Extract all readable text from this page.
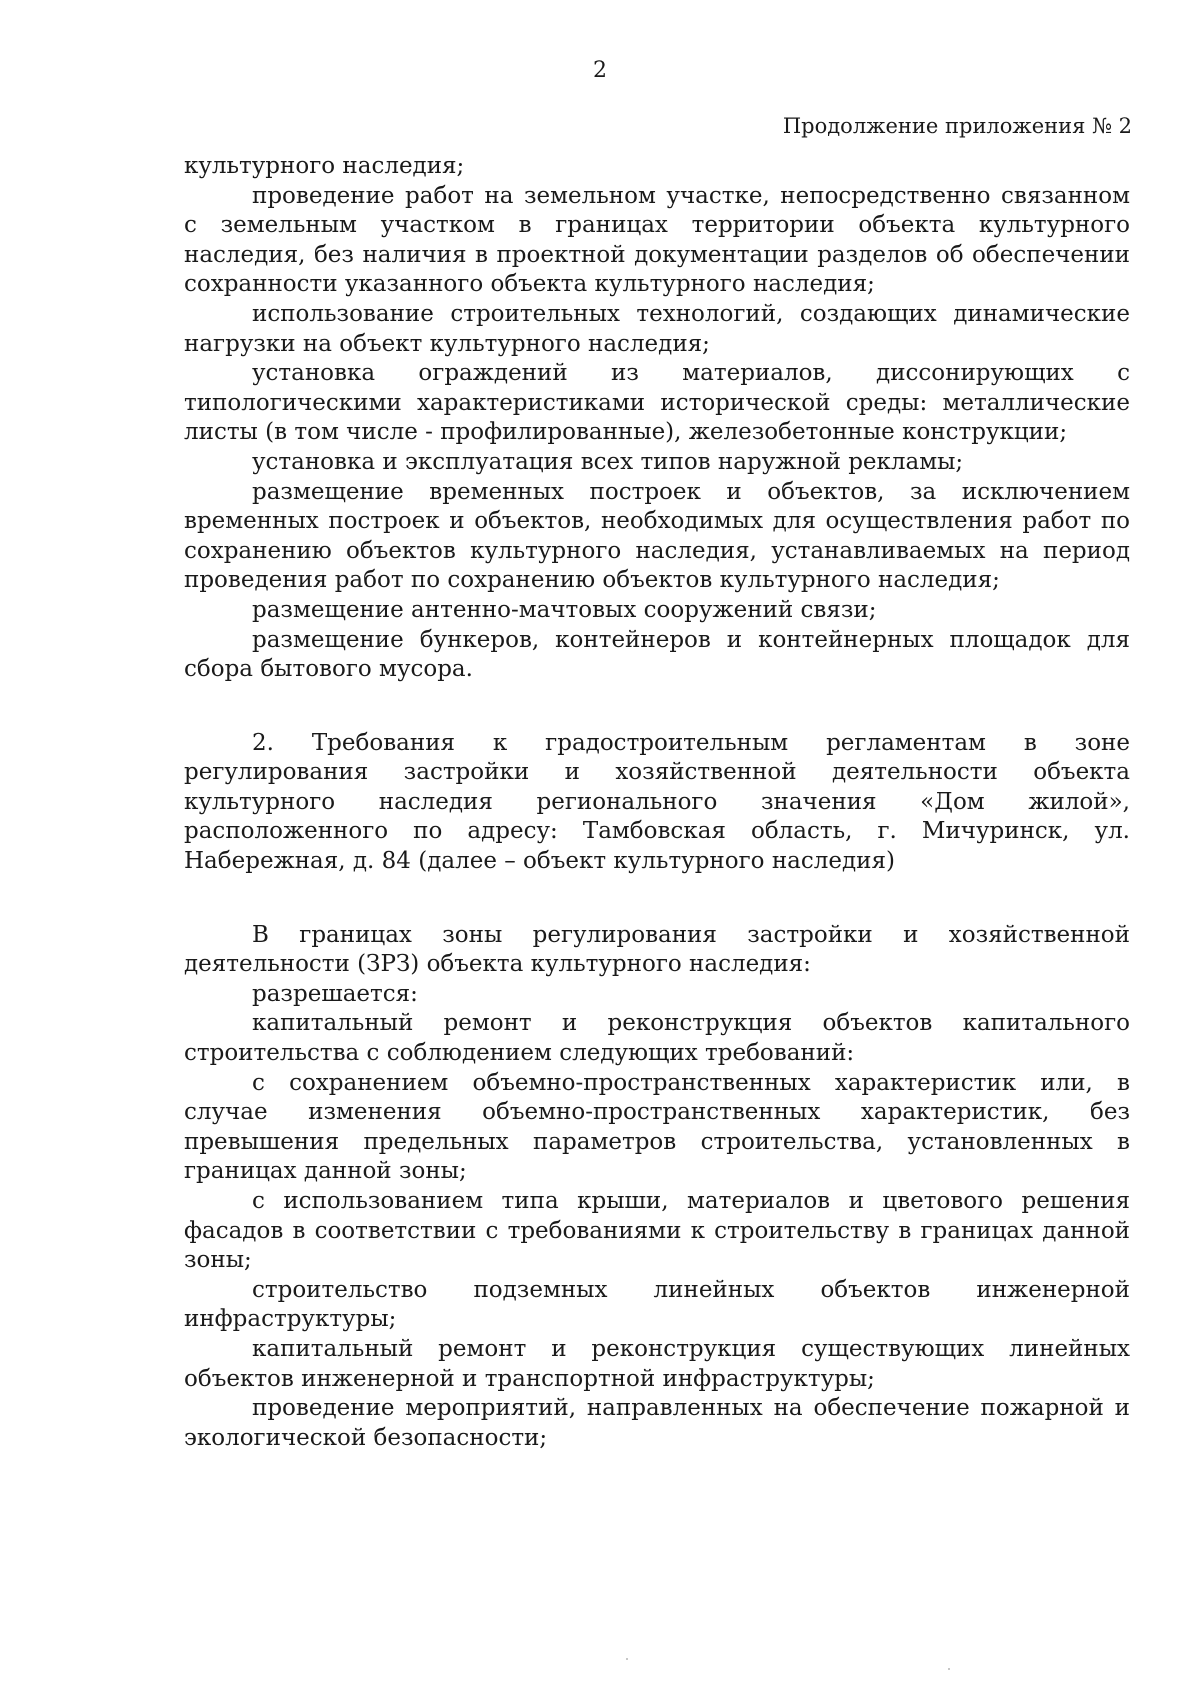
2
Продолжение приложения № 2

культурного наследия;

проведение работ на земельном участке, непосредственно связанном с земельным участком в границах территории объекта культурного наследия, без наличия в проектной документации разделов об обеспечении сохранности указанного объекта культурного наследия;

использование строительных технологий, создающих динамические нагрузки на объект культурного наследия;

установка ограждений из материалов, диссонирующих с типологическими характеристиками исторической среды: металлические листы (в том числе - профилированные), железобетонные конструкции;

установка и эксплуатация всех типов наружной рекламы;

размещение временных построек и объектов, за исключением временных построек и объектов, необходимых для осуществления работ по сохранению объектов культурного наследия, устанавливаемых на период проведения работ по сохранению объектов культурного наследия;

размещение антенно-мачтовых сооружений связи;

размещение бункеров, контейнеров и контейнерных площадок для сбора бытового мусора.

2. Требования к градостроительным регламентам в зоне регулирования застройки и хозяйственной деятельности объекта культурного наследия регионального значения «Дом жилой», расположенного по адресу: Тамбовская область, г. Мичуринск, ул. Набережная, д. 84 (далее – объект культурного наследия)

В границах зоны регулирования застройки и хозяйственной деятельности (ЗРЗ) объекта культурного наследия:

разрешается:

капитальный ремонт и реконструкция объектов капитального строительства с соблюдением следующих требований:

с сохранением объемно-пространственных характеристик или, в случае изменения объемно-пространственных характеристик, без превышения предельных параметров строительства, установленных в границах данной зоны;

с использованием типа крыши, материалов и цветового решения фасадов в соответствии с требованиями к строительству в границах данной зоны;

строительство подземных линейных объектов инженерной инфраструктуры;

капитальный ремонт и реконструкция существующих линейных объектов инженерной и транспортной инфраструктуры;

проведение мероприятий, направленных на обеспечение пожарной и экологической безопасности;
